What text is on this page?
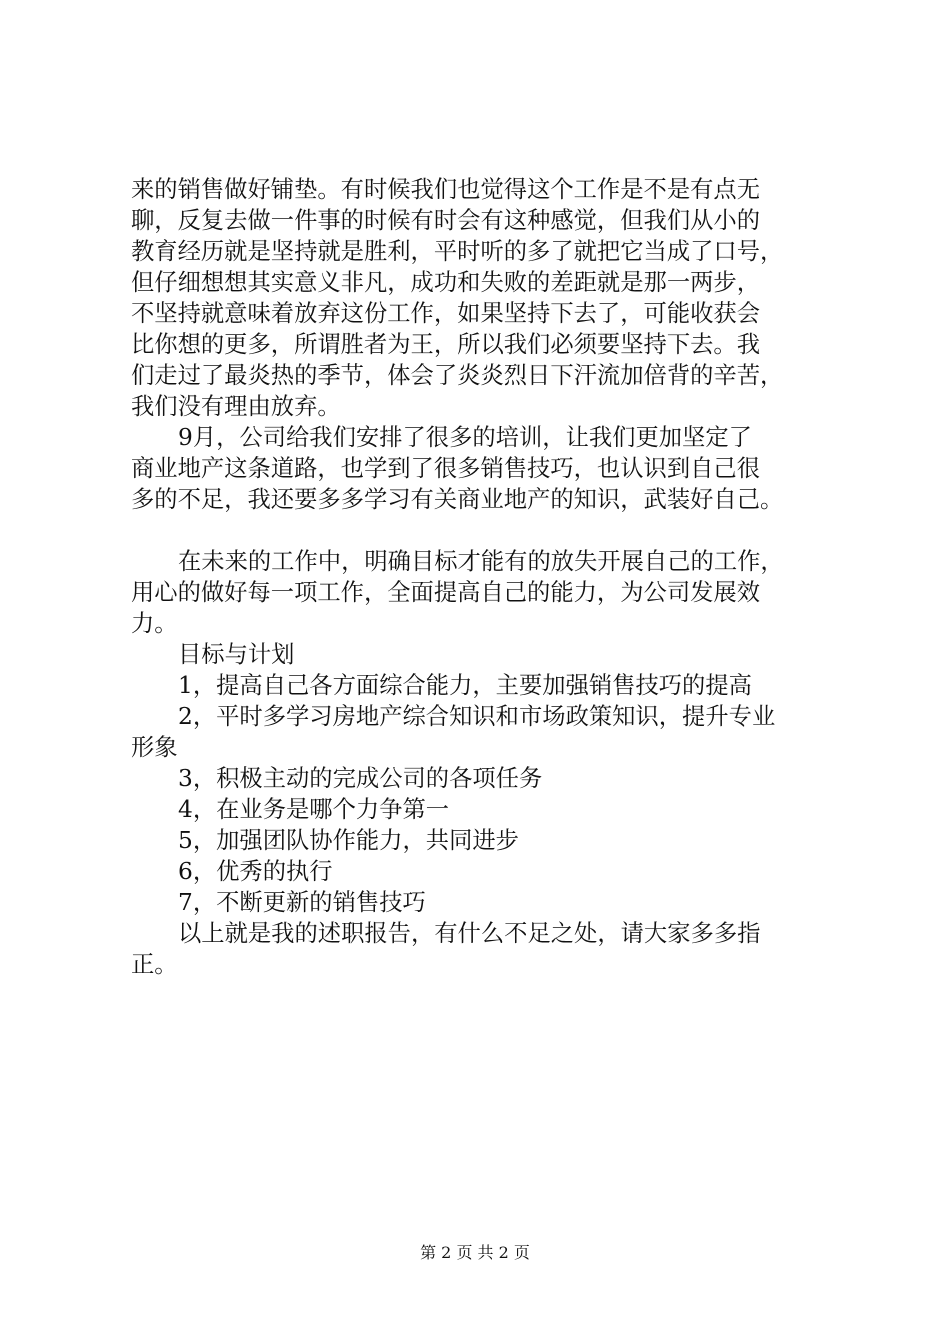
来的销售做好铺垫。有时候我们也觉得这个工作是不是有点无
聊，反复去做一件事的时候有时会有这种感觉，但我们从小的
教育经历就是坚持就是胜利，平时听的多了就把它当成了口号，
但仔细想想其实意义非凡，成功和失败的差距就是那一两步，
不坚持就意味着放弃这份工作，如果坚持下去了，可能收获会
比你想的更多，所谓胜者为王，所以我们必须要坚持下去。我
们走过了最炎热的季节，体会了炎炎烈日下汗流加倍背的辛苦，
我们没有理由放弃。
9月，公司给我们安排了很多的培训，让我们更加坚定了
商业地产这条道路，也学到了很多销售技巧，也认识到自己很
多的不足，我还要多多学习有关商业地产的知识，武装好自己。
在未来的工作中，明确目标才能有的放失开展自己的工作，
用心的做好每一项工作，全面提高自己的能力，为公司发展效
力。
目标与计划
1，提高自己各方面综合能力，主要加强销售技巧的提高
2，平时多学习房地产综合知识和市场政策知识，提升专业
形象
3，积极主动的完成公司的各项任务
4，在业务是哪个力争第一
5，加强团队协作能力，共同进步
6，优秀的执行
7，不断更新的销售技巧
以上就是我的述职报告，有什么不足之处，请大家多多指
正。
第 2 页 共 2 页
